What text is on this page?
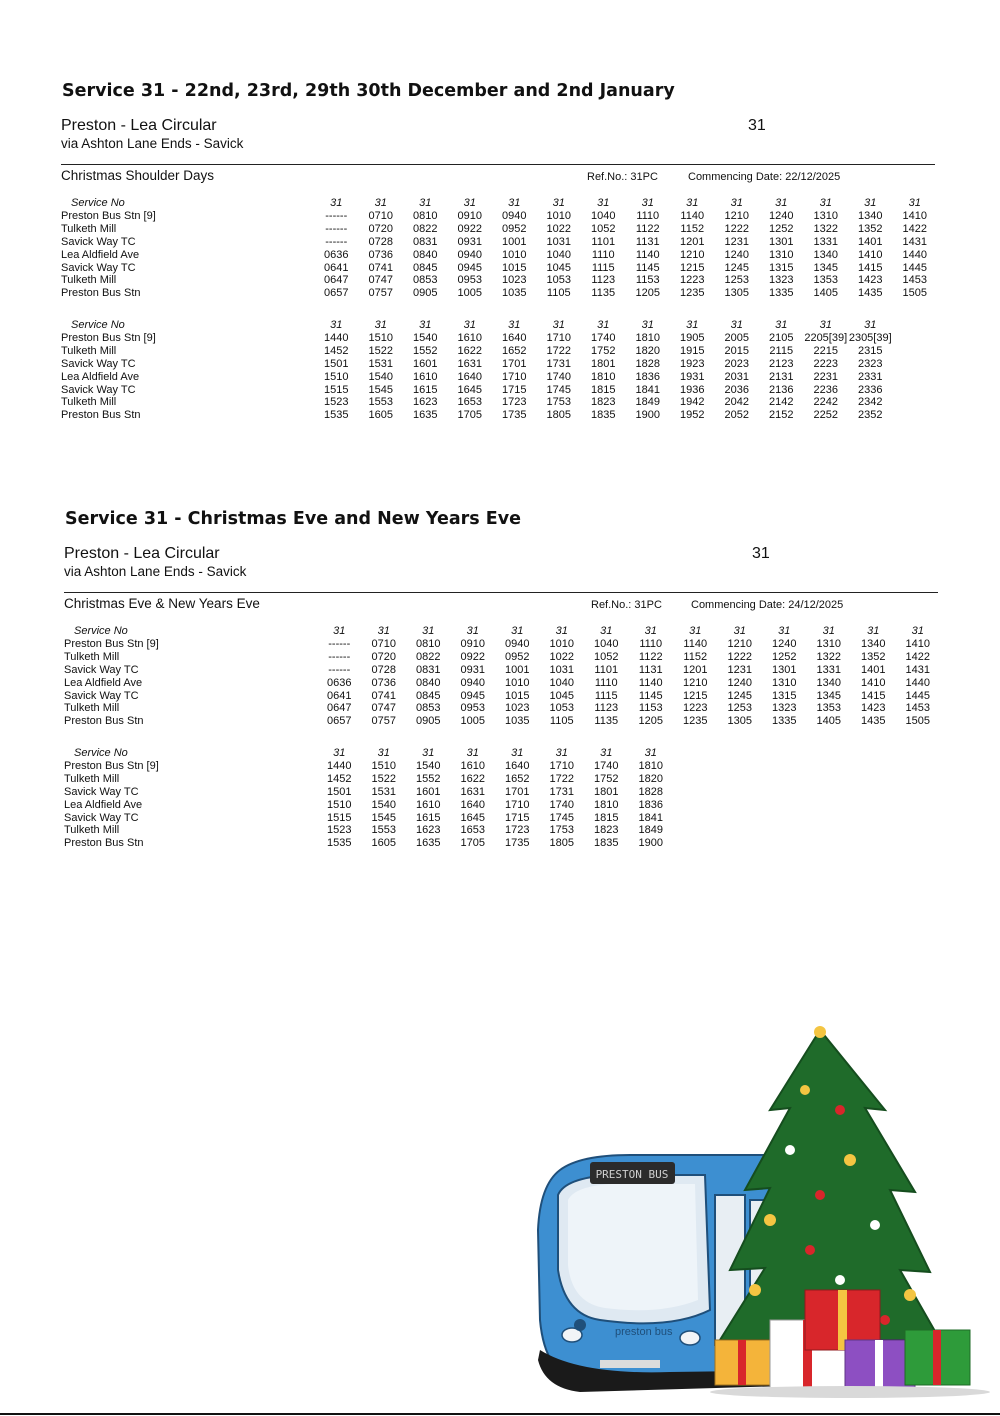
Service 31 - 22nd, 23rd, 29th 30th December and 2nd January
Preston - Lea Circular	31
via Ashton Lane Ends - Savick
Christmas Shoulder Days	Ref.No.: 31PC	Commencing Date: 22/12/2025
Service No	31	31	31	31	31	31	31	31	31	31	31	31	31	31
Preston Bus Stn [9]	------	0710	0810	0910	0940	1010	1040	1110	1140	1210	1240	1310	1340	1410
Tulketh Mill	------	0720	0822	0922	0952	1022	1052	1122	1152	1222	1252	1322	1352	1422
Savick Way TC	------	0728	0831	0931	1001	1031	1101	1131	1201	1231	1301	1331	1401	1431
Lea Aldfield Ave	0636	0736	0840	0940	1010	1040	1110	1140	1210	1240	1310	1340	1410	1440
Savick Way TC	0641	0741	0845	0945	1015	1045	1115	1145	1215	1245	1315	1345	1415	1445
Tulketh Mill	0647	0747	0853	0953	1023	1053	1123	1153	1223	1253	1323	1353	1423	1453
Preston Bus Stn	0657	0757	0905	1005	1035	1105	1135	1205	1235	1305	1335	1405	1435	1505
Service No	31	31	31	31	31	31	31	31	31	31	31	31	31
Preston Bus Stn [9]	1440	1510	1540	1610	1640	1710	1740	1810	1905	2005	2105	2205[39]	2305[39]
Tulketh Mill	1452	1522	1552	1622	1652	1722	1752	1820	1915	2015	2115	2215	2315
Savick Way TC	1501	1531	1601	1631	1701	1731	1801	1828	1923	2023	2123	2223	2323
Lea Aldfield Ave	1510	1540	1610	1640	1710	1740	1810	1836	1931	2031	2131	2231	2331
Savick Way TC	1515	1545	1615	1645	1715	1745	1815	1841	1936	2036	2136	2236	2336
Tulketh Mill	1523	1553	1623	1653	1723	1753	1823	1849	1942	2042	2142	2242	2342
Preston Bus Stn	1535	1605	1635	1705	1735	1805	1835	1900	1952	2052	2152	2252	2352
Service 31 - Christmas Eve and New Years Eve
Preston - Lea Circular	31
via Ashton Lane Ends - Savick
Christmas Eve & New Years Eve	Ref.No.: 31PC	Commencing Date: 24/12/2025
Service No	31	31	31	31	31	31	31	31	31	31	31	31	31	31
Preston Bus Stn [9]	------	0710	0810	0910	0940	1010	1040	1110	1140	1210	1240	1310	1340	1410
Tulketh Mill	------	0720	0822	0922	0952	1022	1052	1122	1152	1222	1252	1322	1352	1422
Savick Way TC	------	0728	0831	0931	1001	1031	1101	1131	1201	1231	1301	1331	1401	1431
Lea Aldfield Ave	0636	0736	0840	0940	1010	1040	1110	1140	1210	1240	1310	1340	1410	1440
Savick Way TC	0641	0741	0845	0945	1015	1045	1115	1145	1215	1245	1315	1345	1415	1445
Tulketh Mill	0647	0747	0853	0953	1023	1053	1123	1153	1223	1253	1323	1353	1423	1453
Preston Bus Stn	0657	0757	0905	1005	1035	1105	1135	1205	1235	1305	1335	1405	1435	1505
Service No	31	31	31	31	31	31	31	31
Preston Bus Stn [9]	1440	1510	1540	1610	1640	1710	1740	1810
Tulketh Mill	1452	1522	1552	1622	1652	1722	1752	1820
Savick Way TC	1501	1531	1601	1631	1701	1731	1801	1828
Lea Aldfield Ave	1510	1540	1610	1640	1710	1740	1810	1836
Savick Way TC	1515	1545	1615	1645	1715	1745	1815	1841
Tulketh Mill	1523	1553	1623	1653	1723	1753	1823	1849
Preston Bus Stn	1535	1605	1635	1705	1735	1805	1835	1900
PRESTON BUS
preston bus
